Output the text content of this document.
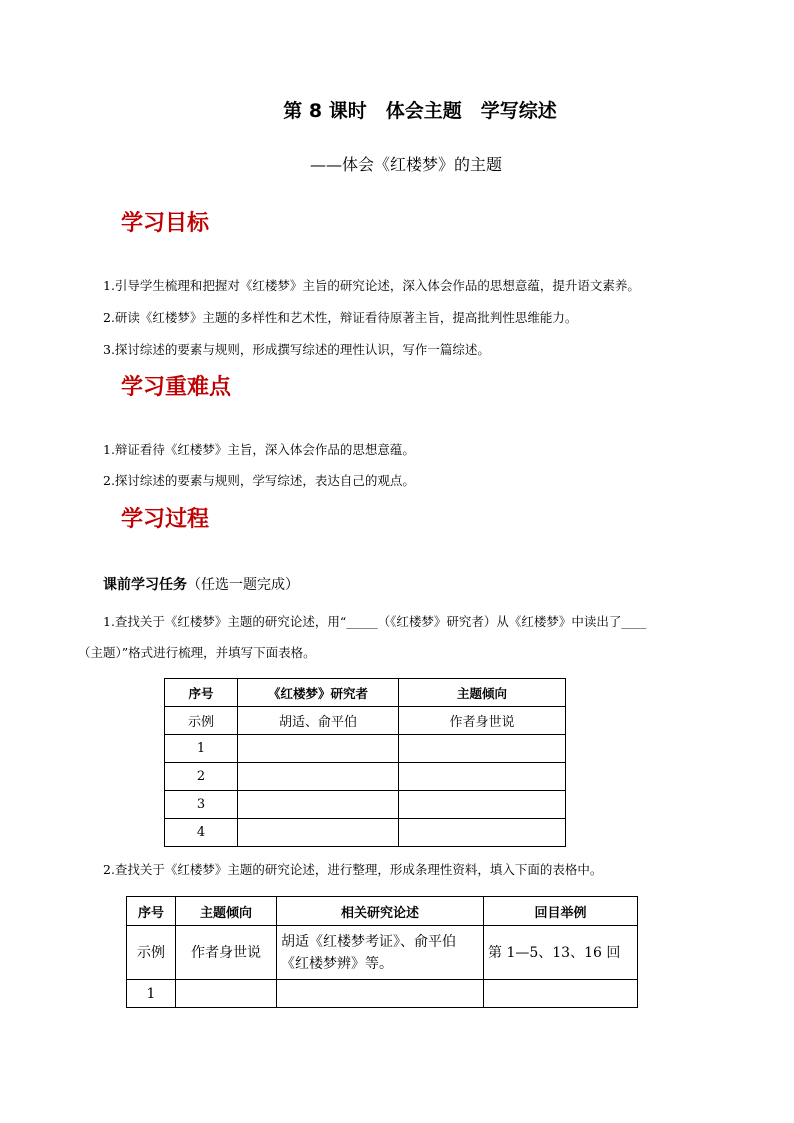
第 8 课时　体会主题　学写综述
——体会《红楼梦》的主题
学习目标
1.引导学生梳理和把握对《红楼梦》主旨的研究论述，深入体会作品的思想意蕴，提升语文素养。
2.研读《红楼梦》主题的多样性和艺术性，辩证看待原著主旨，提高批判性思维能力。
3.探讨综述的要素与规则，形成撰写综述的理性认识，写作一篇综述。
学习重难点
1.辩证看待《红楼梦》主旨，深入体会作品的思想意蕴。
2.探讨综述的要素与规则，学写综述，表达自己的观点。
学习过程
课前学习任务（任选一题完成）
1.查找关于《红楼梦》主题的研究论述，用“_____（《红楼梦》研究者）从《红楼梦》中读出了____
（主题）”格式进行梳理，并填写下面表格。
序号	《红楼梦》研究者	主题倾向
示例	胡适、俞平伯	作者身世说
1		
2		
3		
4		
2.查找关于《红楼梦》主题的研究论述，进行整理，形成条理性资料，填入下面的表格中。
序号	主题倾向	相关研究论述	回目举例
示例	作者身世说	胡适《红楼梦考证》、俞平伯《红楼梦辨》等。	第 1—5、13、16 回
1			
